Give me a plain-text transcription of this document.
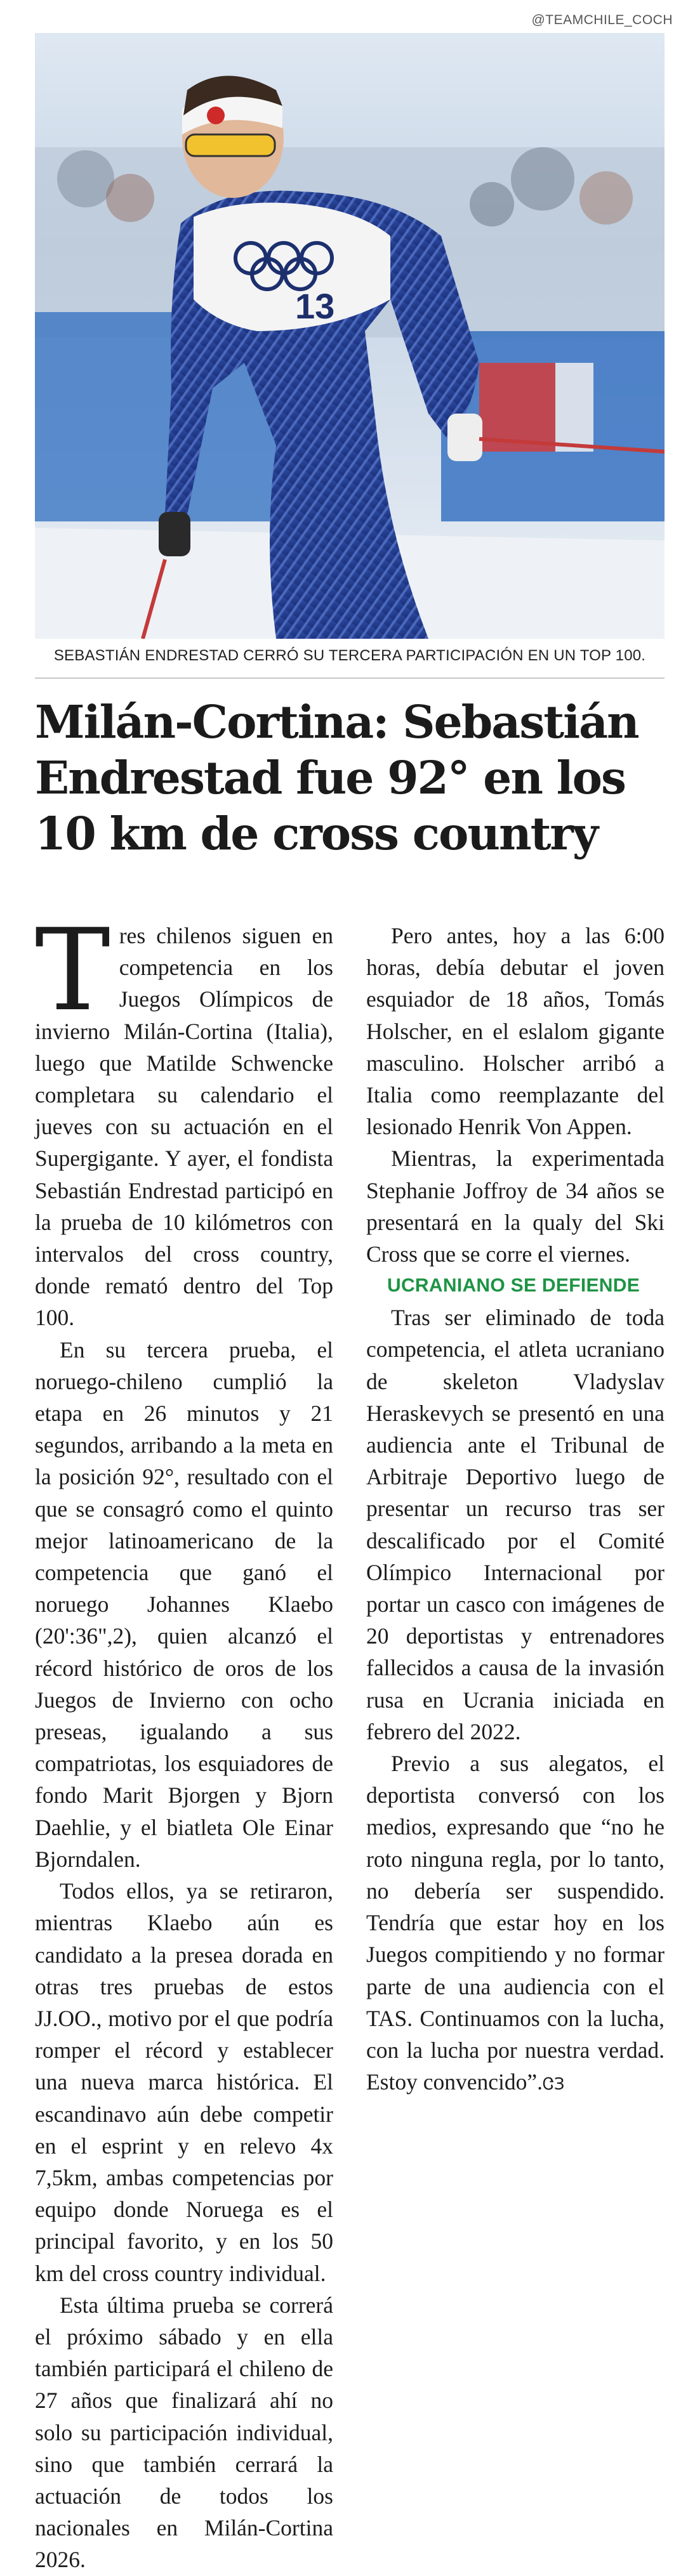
@TEAMCHILE_COCH
13
SEBASTIÁN ENDRESTAD CERRÓ SU TERCERA PARTICIPACIÓN EN UN TOP 100.
Milán-Cortina: Sebastián
Endrestad fue 92° en los
10 km de cross country

Tres chilenos siguen en competencia en los Juegos Olímpicos de invierno Milán-Cortina (Italia), luego que Matilde Schwencke completara su calendario el jueves con su actuación en el Supergigante. Y ayer, el fondista Sebastián Endrestad participó en la prueba de 10 kilómetros con intervalos del cross country, donde remató dentro del Top 100.

En su tercera prueba, el noruego-chileno cumplió la etapa en 26 minutos y 21 segundos, arribando a la meta en la posición 92°, resultado con el que se consagró como el quinto mejor latinoamericano de la competencia que ganó el noruego Johannes Klaebo (20':36",2), quien alcanzó el récord histórico de oros de los Juegos de Invierno con ocho preseas, igualando a sus compatriotas, los esquiadores de fondo Marit Bjorgen y Bjorn Daehlie, y el biatleta Ole Einar Bjorndalen.

Todos ellos, ya se retiraron, mientras Klaebo aún es candidato a la presea dorada en otras tres pruebas de estos JJ.OO., motivo por el que podría romper el récord y establecer una nueva marca histórica. El escandinavo aún debe competir en el esprint y en relevo 4x 7,5km, ambas competencias por equipo donde Noruega es el principal favorito, y en los 50 km del cross country individual.

Esta última prueba se correrá el próximo sábado y en ella también participará el chileno de 27 años que finalizará ahí no solo su participación individual, sino que también cerrará la actuación de todos los nacionales en Milán-Cortina 2026.

Pero antes, hoy a las 6:00 horas, debía debutar el joven esquiador de 18 años, Tomás Holscher, en el eslalom gigante masculino. Holscher arribó a Italia como reemplazante del lesionado Henrik Von Appen.

Mientras, la experimentada Stephanie Joffroy de 34 años se presentará en la qualy del Ski Cross que se corre el viernes.

UCRANIANO SE DEFIENDE

Tras ser eliminado de toda competencia, el atleta ucraniano de skeleton Vladyslav Heraskevych se presentó en una audiencia ante el Tribunal de Arbitraje Deportivo luego de presentar un recurso tras ser descalificado por el Comité Olímpico Internacional por portar un casco con imágenes de 20 deportistas y entrenadores fallecidos a causa de la invasión rusa en Ucrania iniciada en febrero del 2022.

Previo a sus alegatos, el deportista conversó con los medios, expresando que “no he roto ninguna regla, por lo tanto, no debería ser suspendido. Tendría que estar hoy en los Juegos compitiendo y no formar parte de una audiencia con el TAS. Continuamos con la lucha, con la lucha por nuestra verdad. Estoy convencido”.ᏣЗ
